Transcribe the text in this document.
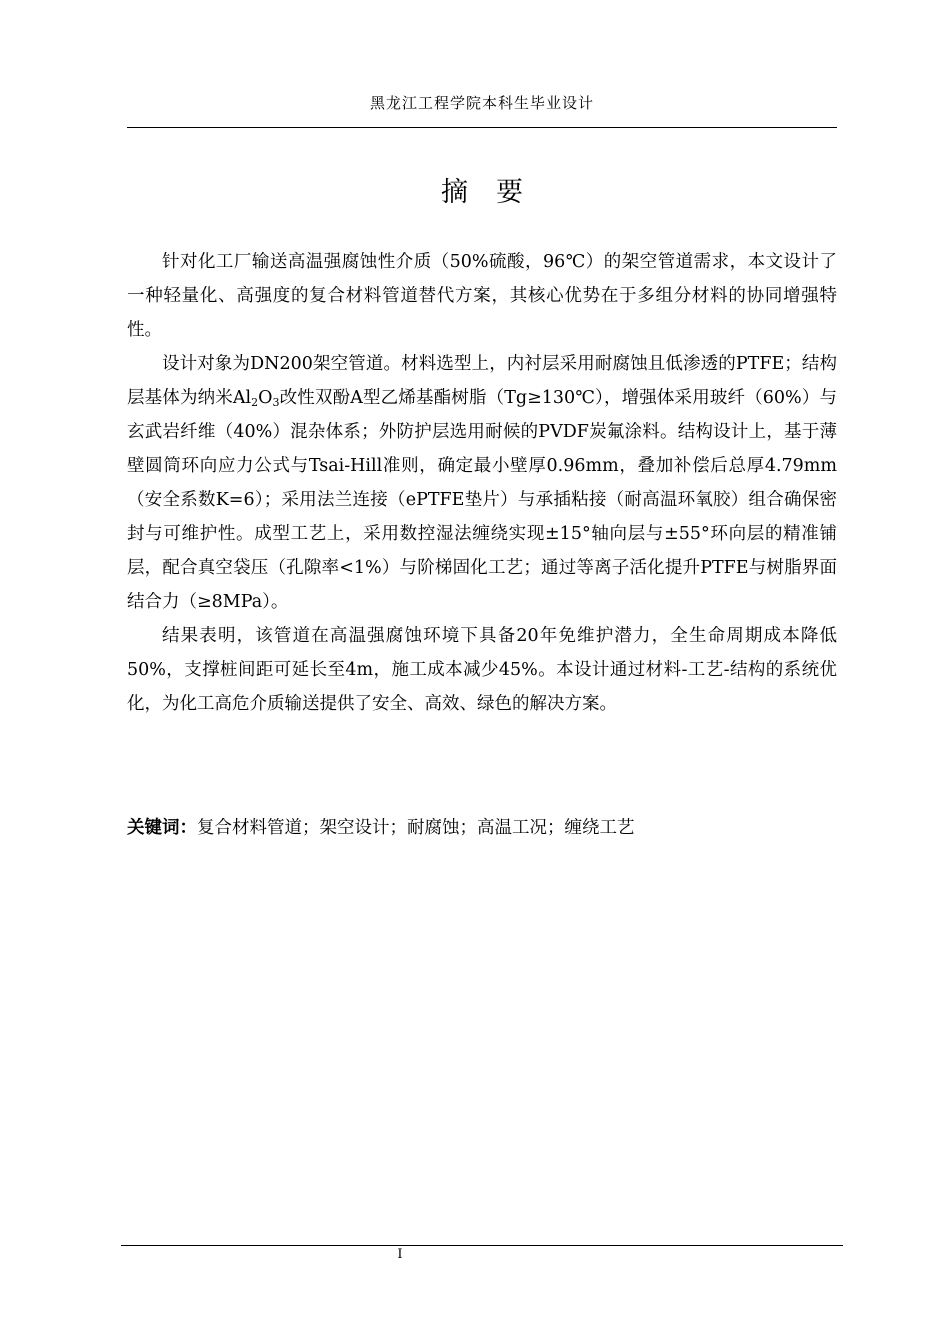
黑龙江工程学院本科生毕业设计
摘 要

针对化工厂输送高温强腐蚀性介质（50%硫酸，96℃）的架空管道需求，本文设计了一种轻量化、高强度的复合材料管道替代方案，其核心优势在于多组分材料的协同增强特性。

设计对象为DN200架空管道。材料选型上，内衬层采用耐腐蚀且低渗透的PTFE；结构层基体为纳米$Al_2O_3$改性双酚A型乙烯基酯树脂（Tg≥130℃），增强体采用玻纤（60%）与玄武岩纤维（40%）混杂体系；外防护层选用耐候的PVDF炭氟涂料。结构设计上，基于薄壁圆筒环向应力公式与Tsai-Hill准则，确定最小壁厚0.96mm，叠加补偿后总厚4.79mm（安全系数K=6）；采用法兰连接（ePTFE垫片）与承插粘接（耐高温环氧胶）组合确保密封与可维护性。成型工艺上，采用数控湿法缠绕实现±15°轴向层与±55°环向层的精准铺层，配合真空袋压（孔隙率<1%）与阶梯固化工艺；通过等离子活化提升PTFE与树脂界面结合力（≥8MPa）。

结果表明，该管道在高温强腐蚀环境下具备20年免维护潜力，全生命周期成本降低50%，支撑桩间距可延长至4m，施工成本减少45%。本设计通过材料-工艺-结构的系统优化，为化工高危介质输送提供了安全、高效、绿色的解决方案。

关键词：复合材料管道；架空设计；耐腐蚀；高温工况；缠绕工艺
I
